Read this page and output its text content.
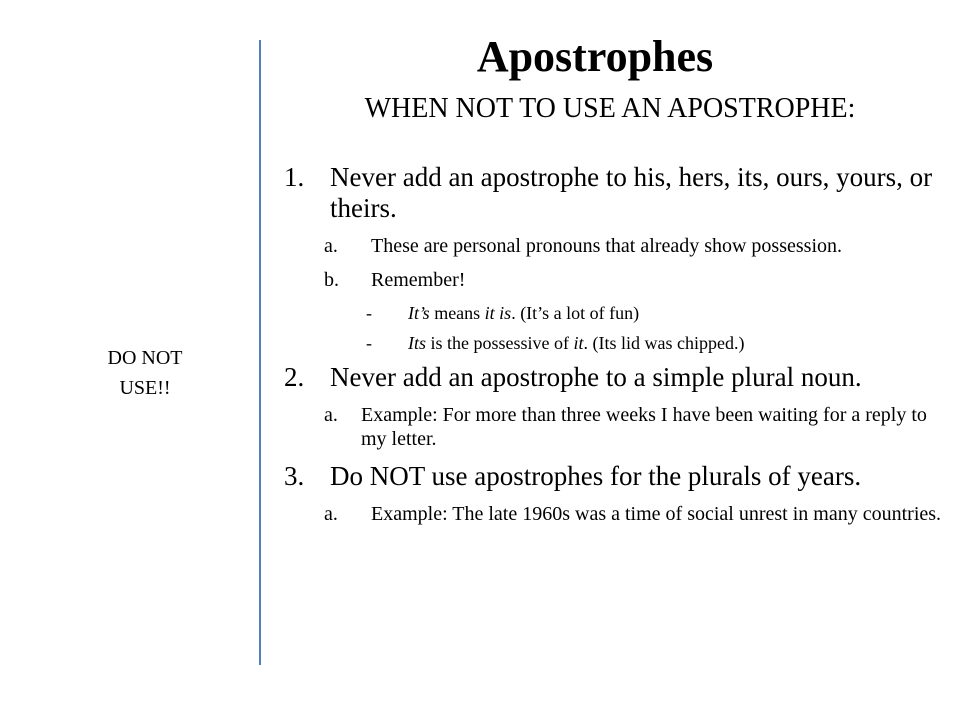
DO NOT
USE!!
Apostrophes
WHEN NOT TO USE AN APOSTROPHE:
1. Never add an apostrophe to his, hers, its, ours, yours, or theirs.
a. These are personal pronouns that already show possession.
b. Remember!
- It’s means it is. (It’s a lot of fun)
- Its is the possessive of it. (Its lid was chipped.)
2. Never add an apostrophe to a simple plural noun.
a. Example: For more than three weeks I have been waiting for a reply to my letter.
3. Do NOT use apostrophes for the plurals of years.
a. Example: The late 1960s was a time of social unrest in many countries.
